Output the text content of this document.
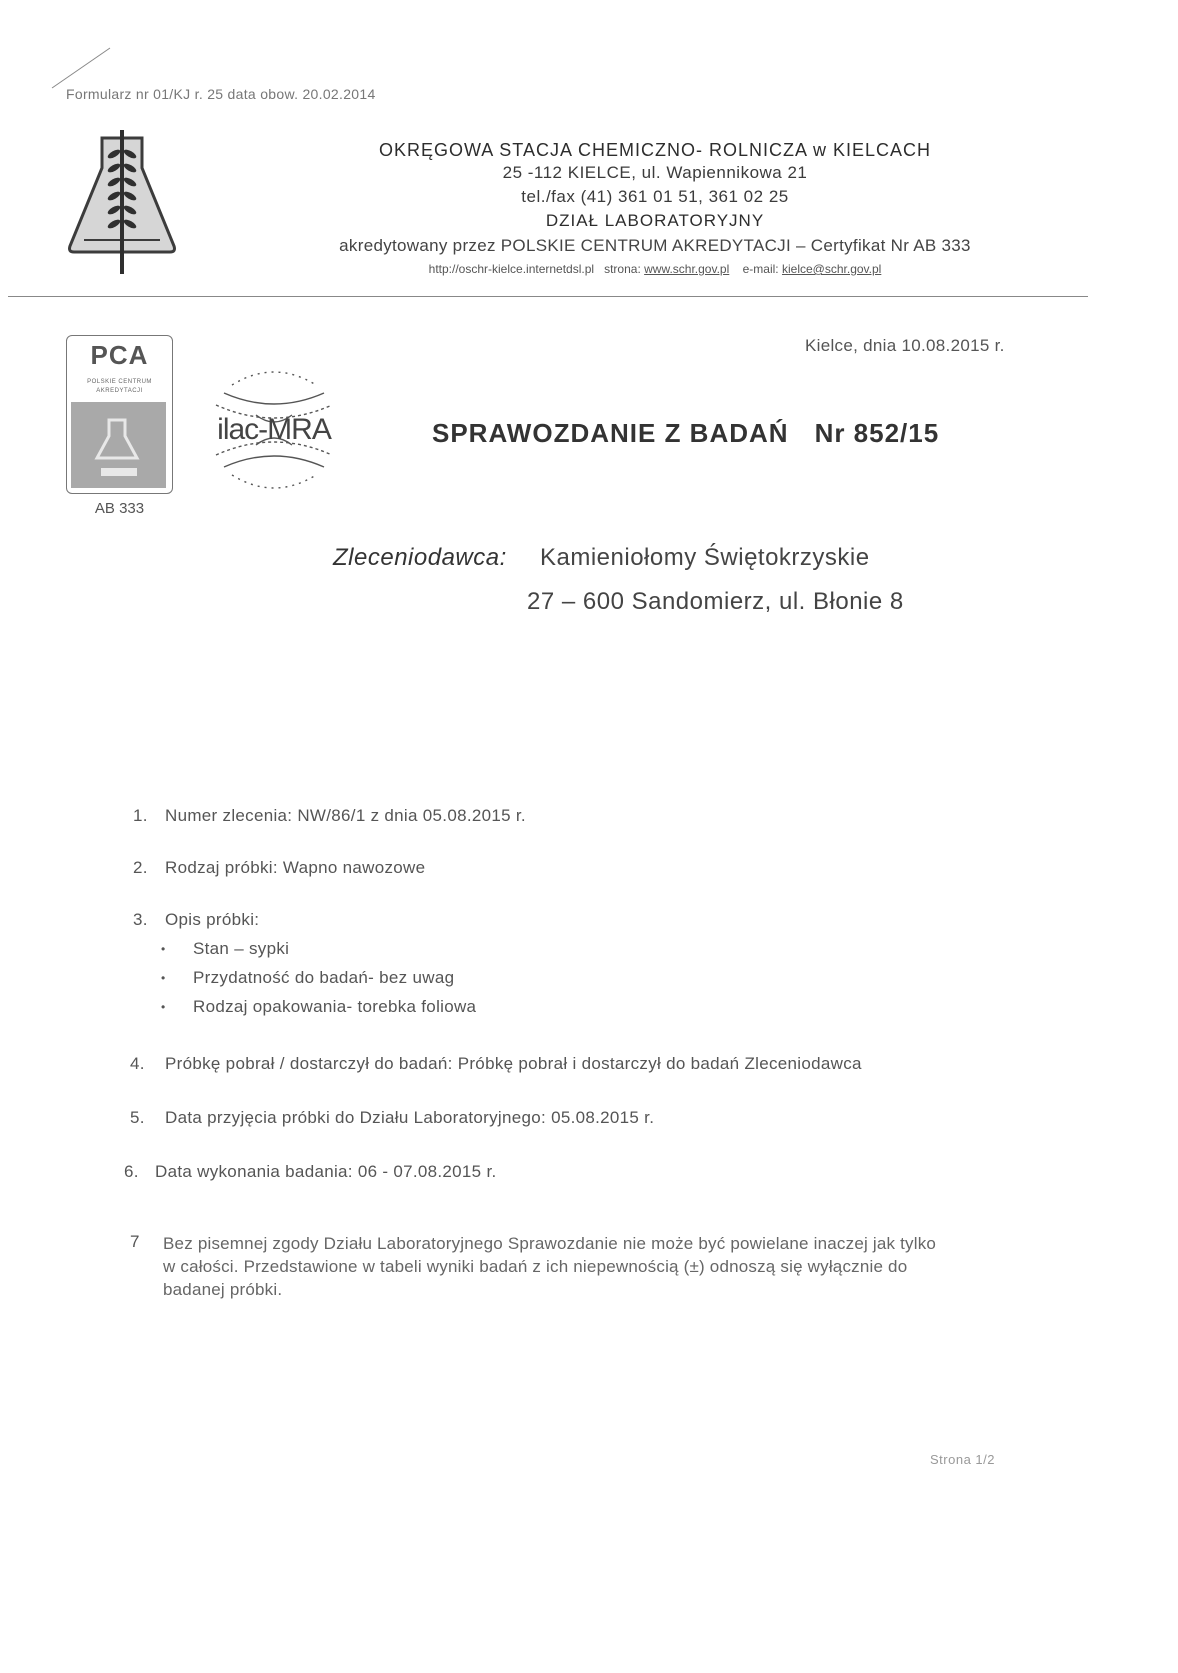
Formularz nr 01/KJ r. 25 data obow. 20.02.2014
OKRĘGOWA STACJA CHEMICZNO- ROLNICZA w KIELCACH
25 -112 KIELCE, ul. Wapiennikowa 21
tel./fax (41) 361 01 51, 361 02 25
DZIAŁ LABORATORYJNY
akredytowany przez POLSKIE CENTRUM AKREDYTACJI – Certyfikat Nr AB 333
http://oschr-kielce.internetdsl.pl strona: www.schr.gov.pl e-mail: kielce@schr.gov.pl
Kielce, dnia 10.08.2015 r.
PCA
POLSKIE CENTRUM
AKREDYTACJI
AB 333
ilac-MRA	SPRAWOZDANIE Z BADAŃ Nr 852/15
Zleceniodawca: Kamieniołomy Świętokrzyskie
27 – 600 Sandomierz, ul. Błonie 8
1. Numer zlecenia: NW/86/1 z dnia 05.08.2015 r.
2. Rodzaj próbki: Wapno nawozowe
3. Opis próbki:
• Stan – sypki
• Przydatność do badań- bez uwag
• Rodzaj opakowania- torebka foliowa
4. Próbkę pobrał / dostarczył do badań: Próbkę pobrał i dostarczył do badań Zleceniodawca
5. Data przyjęcia próbki do Działu Laboratoryjnego: 05.08.2015 r.
6. Data wykonania badania: 06 - 07.08.2015 r.
7 Bez pisemnej zgody Działu Laboratoryjnego Sprawozdanie nie może być powielane inaczej jak tylko w całości. Przedstawione w tabeli wyniki badań z ich niepewnością (±) odnoszą się wyłącznie do badanej próbki.
Strona 1/2
